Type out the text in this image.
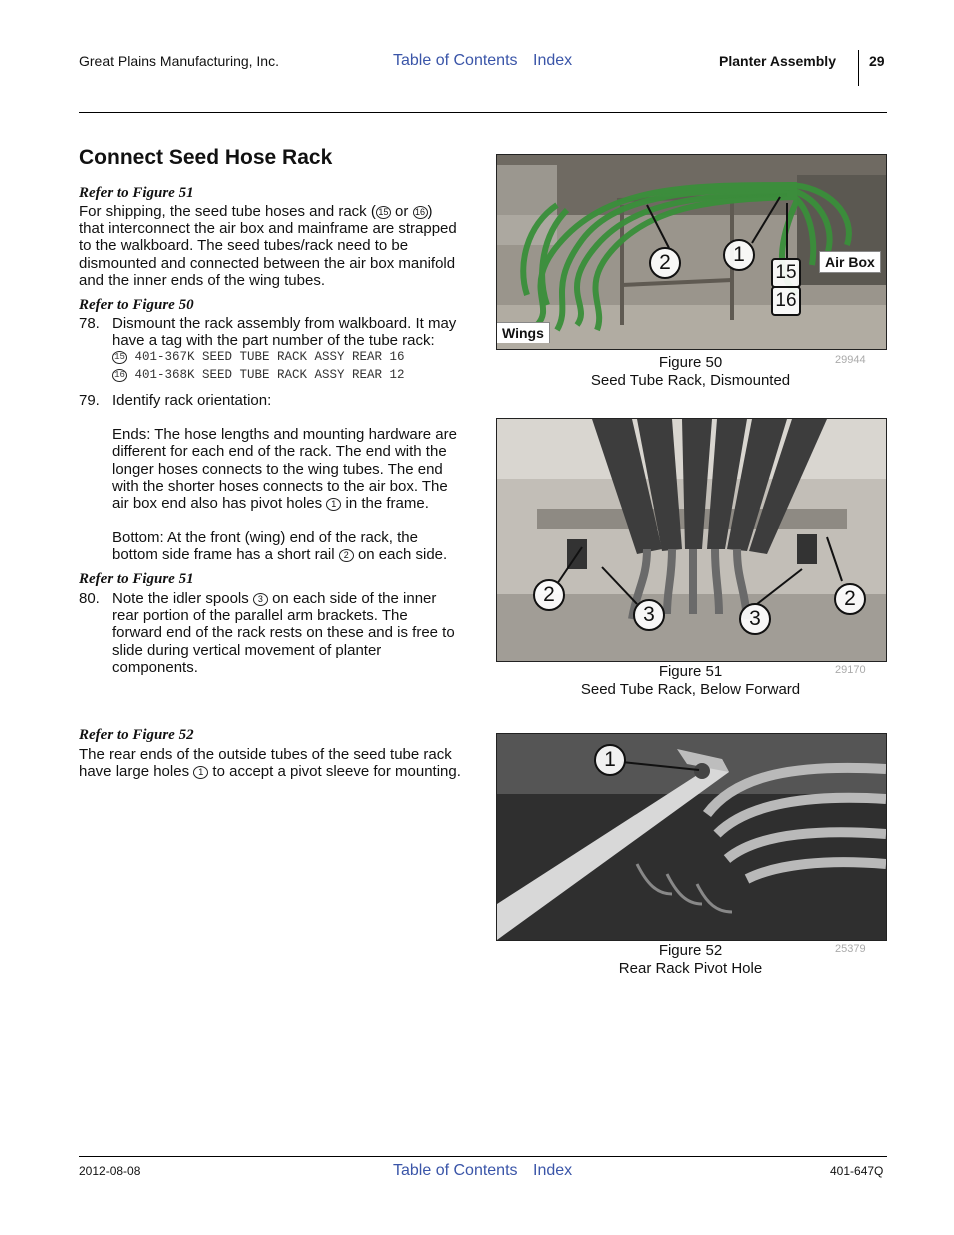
Great Plains Manufacturing, Inc.	Table of Contents Index	Planter Assembly 29
Connect Seed Hose Rack
Refer to Figure 51
For shipping, the seed tube hoses and rack ( 15 or 16 )
that interconnect the air box and mainframe are strapped
to the walkboard. The seed tubes/rack need to be
dismounted and connected between the air box manifold
and the inner ends of the wing tubes.
Refer to Figure 50
78. Dismount the rack assembly from walkboard. It may
have a tag with the part number of the tube rack:
15 401-367K SEED TUBE RACK ASSY REAR 16
16 401-368K SEED TUBE RACK ASSY REAR 12
79. Identify rack orientation:
Ends: The hose lengths and mounting hardware are
different for each end of the rack. The end with the
longer hoses connects to the wing tubes. The end
with the shorter hoses connects to the air box. The
air box end also has pivot holes 1 in the frame.
Bottom: At the front (wing) end of the rack, the
bottom side frame has a short rail 2 on each side.
Refer to Figure 51
80. Note the idler spools 3 on each side of the inner
rear portion of the parallel arm brackets. The
forward end of the rack rests on these and is free to
slide during vertical movement of planter
components.
Refer to Figure 52
The rear ends of the outside tubes of the seed tube rack
have large holes 1 to accept a pivot sleeve for mounting.
2	1
15
16
Air Box
Wings
Figure 50
Seed Tube Rack, Dismounted
29944
2
3	3
2
Figure 51
Seed Tube Rack, Below Forward
29170
1
Figure 52
Rear Rack Pivot Hole
25379
2012-08-08	Table of Contents Index	401-647Q
